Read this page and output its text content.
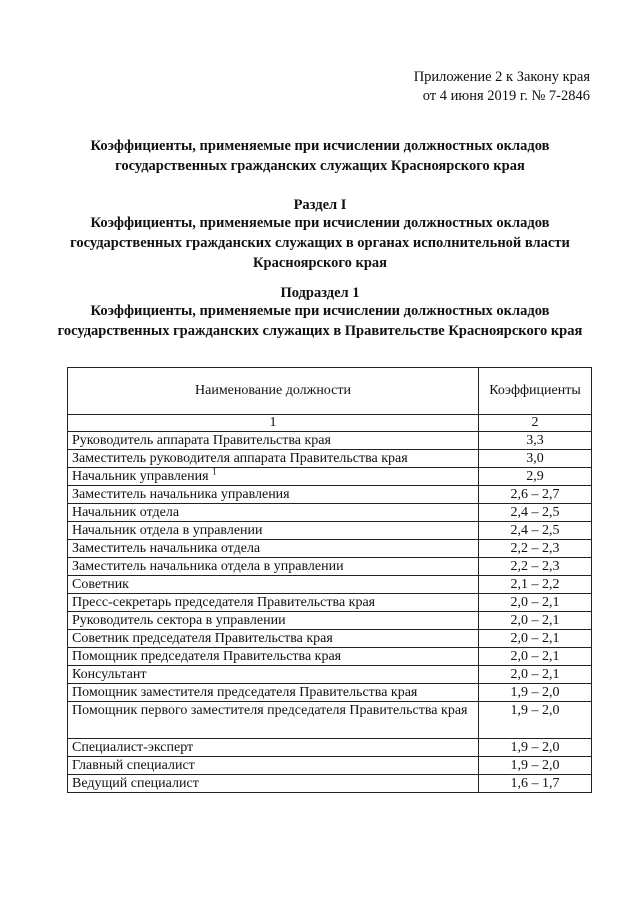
Приложение 2 к Закону края
от 4 июня 2019 г. № 7-2846
Коэффициенты, применяемые при исчислении должностных окладов государственных гражданских служащих Красноярского края
Раздел I
Коэффициенты, применяемые при исчислении должностных окладов государственных гражданских служащих в органах исполнительной власти Красноярского края
Подраздел 1
Коэффициенты, применяемые при исчислении должностных окладов государственных гражданских служащих в Правительстве Красноярского края
Наименование должности	Коэффициенты
1	2
Руководитель аппарата Правительства края	3,3
Заместитель руководителя аппарата Правительства края	3,0
Начальник управления $^1$	2,9
Заместитель начальника управления	2,6 – 2,7
Начальник отдела	2,4 – 2,5
Начальник отдела в управлении	2,4 – 2,5
Заместитель начальника отдела	2,2 – 2,3
Заместитель начальника отдела в управлении	2,2 – 2,3
Советник	2,1 – 2,2
Пресс-секретарь председателя Правительства края	2,0 – 2,1
Руководитель сектора в управлении	2,0 – 2,1
Советник председателя Правительства края	2,0 – 2,1
Помощник председателя Правительства края	2,0 – 2,1
Консультант	2,0 – 2,1
Помощник заместителя председателя Правительства края	1,9 – 2,0
Помощник первого заместителя председателя Правительства края	1,9 – 2,0
Специалист-эксперт	1,9 – 2,0
Главный специалист	1,9 – 2,0
Ведущий специалист	1,6 – 1,7
